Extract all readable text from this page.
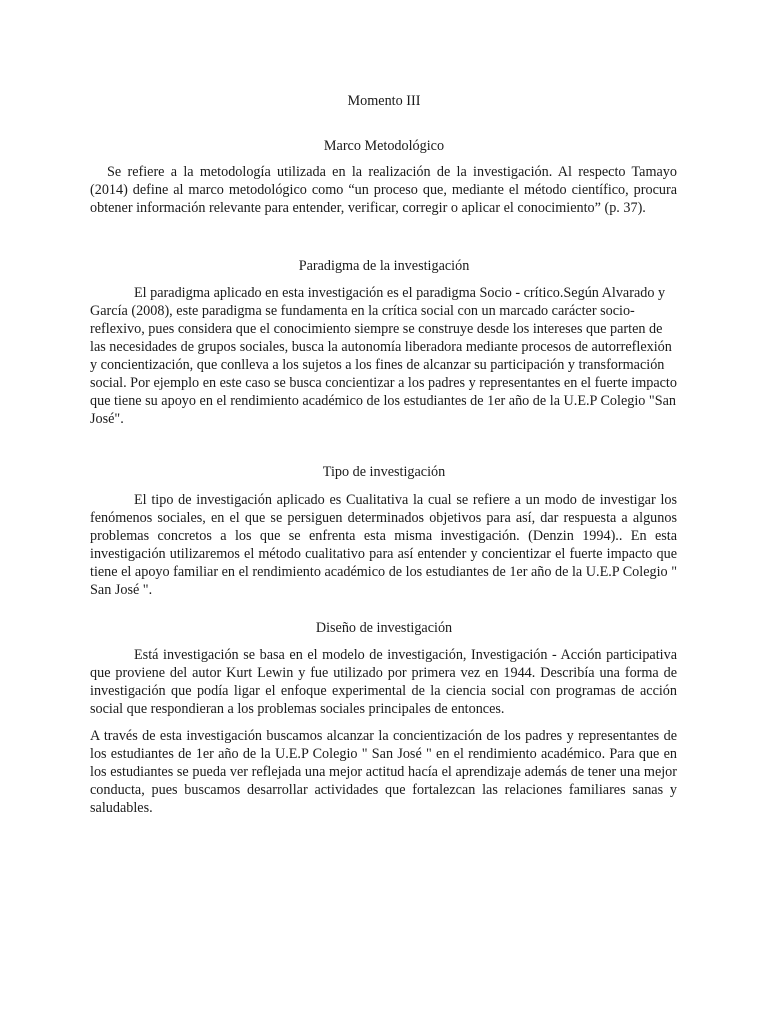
Momento III
Marco Metodológico

Se refiere a la metodología utilizada en la realización de la investigación. Al respecto Tamayo (2014) define al marco metodológico como “un proceso que, mediante el método científico, procura obtener información relevante para entender, verificar, corregir o aplicar el conocimiento” (p. 37).

Paradigma de la investigación

El paradigma aplicado en esta investigación es el paradigma Socio - crítico.Según Alvarado y García (2008), este paradigma se fundamenta en la crítica social con un marcado carácter socio-reflexivo, pues considera que el conocimiento siempre se construye desde los intereses que parten de las necesidades de grupos sociales, busca la autonomía liberadora mediante procesos de autorreflexión y concientización, que conlleva a los sujetos a los fines de alcanzar su participación y transformación social. Por ejemplo en este caso se busca concientizar a los padres y representantes en el fuerte impacto que tiene su apoyo en el rendimiento académico de los estudiantes de 1er año de la U.E.P Colegio "San José".

Tipo de investigación

El tipo de investigación aplicado es Cualitativa la cual se refiere a un modo de investigar los fenómenos sociales, en el que se persiguen determinados objetivos para así, dar respuesta a algunos problemas concretos a los que se enfrenta esta misma investigación. (Denzin 1994).. En esta investigación utilizaremos el método cualitativo para así entender y concientizar el fuerte impacto que tiene el apoyo familiar en el rendimiento académico de los estudiantes de 1er año de la U.E.P Colegio " San José ".

Diseño de investigación

Está investigación se basa en el modelo de investigación, Investigación - Acción participativa que proviene del autor Kurt Lewin y fue utilizado por primera vez en 1944. Describía una forma de investigación que podía ligar el enfoque experimental de la ciencia social con programas de acción social que respondieran a los problemas sociales principales de entonces.

A través de esta investigación buscamos alcanzar la concientización de los padres y representantes de los estudiantes de 1er año de la U.E.P Colegio " San José " en el rendimiento académico. Para que en los estudiantes se pueda ver reflejada una mejor actitud hacía el aprendizaje además de tener una mejor conducta, pues buscamos desarrollar actividades que fortalezcan las relaciones familiares sanas y saludables.
